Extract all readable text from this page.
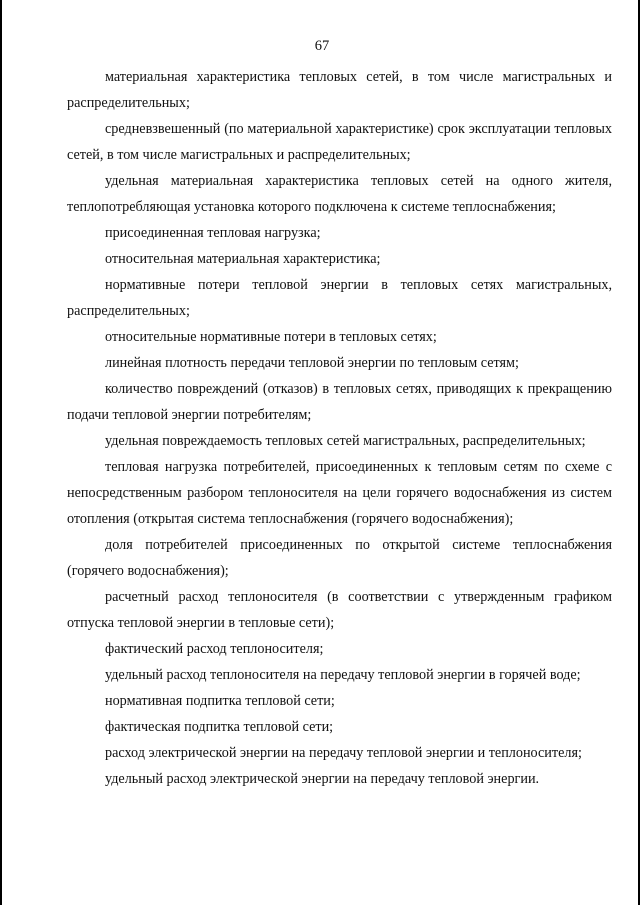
67

материальная характеристика тепловых сетей, в том числе магистральных и распределительных;

средневзвешенный (по материальной характеристике) срок эксплуатации тепловых сетей, в том числе магистральных и распределительных;

удельная материальная характеристика тепловых сетей на одного жителя, теплопотребляющая установка которого подключена к системе теплоснабжения;

присоединенная тепловая нагрузка;

относительная материальная характеристика;

нормативные потери тепловой энергии в тепловых сетях магистральных, распределительных;

относительные нормативные потери в тепловых сетях;

линейная плотность передачи тепловой энергии по тепловым сетям;

количество повреждений (отказов) в тепловых сетях, приводящих к прекращению подачи тепловой энергии потребителям;

удельная повреждаемость тепловых сетей магистральных, распределительных;

тепловая нагрузка потребителей, присоединенных к тепловым сетям по схеме с непосредственным разбором теплоносителя на цели горячего водоснабжения из систем отопления (открытая система теплоснабжения (горячего водоснабжения);

доля потребителей присоединенных по открытой системе теплоснабжения (горячего водоснабжения);

расчетный расход теплоносителя (в соответствии с утвержденным графиком отпуска тепловой энергии в тепловые сети);

фактический расход теплоносителя;

удельный расход теплоносителя на передачу тепловой энергии в горячей воде;

нормативная подпитка тепловой сети;

фактическая подпитка тепловой сети;

расход электрической энергии на передачу тепловой энергии и теплоносителя;

удельный расход электрической энергии на передачу тепловой энергии.
